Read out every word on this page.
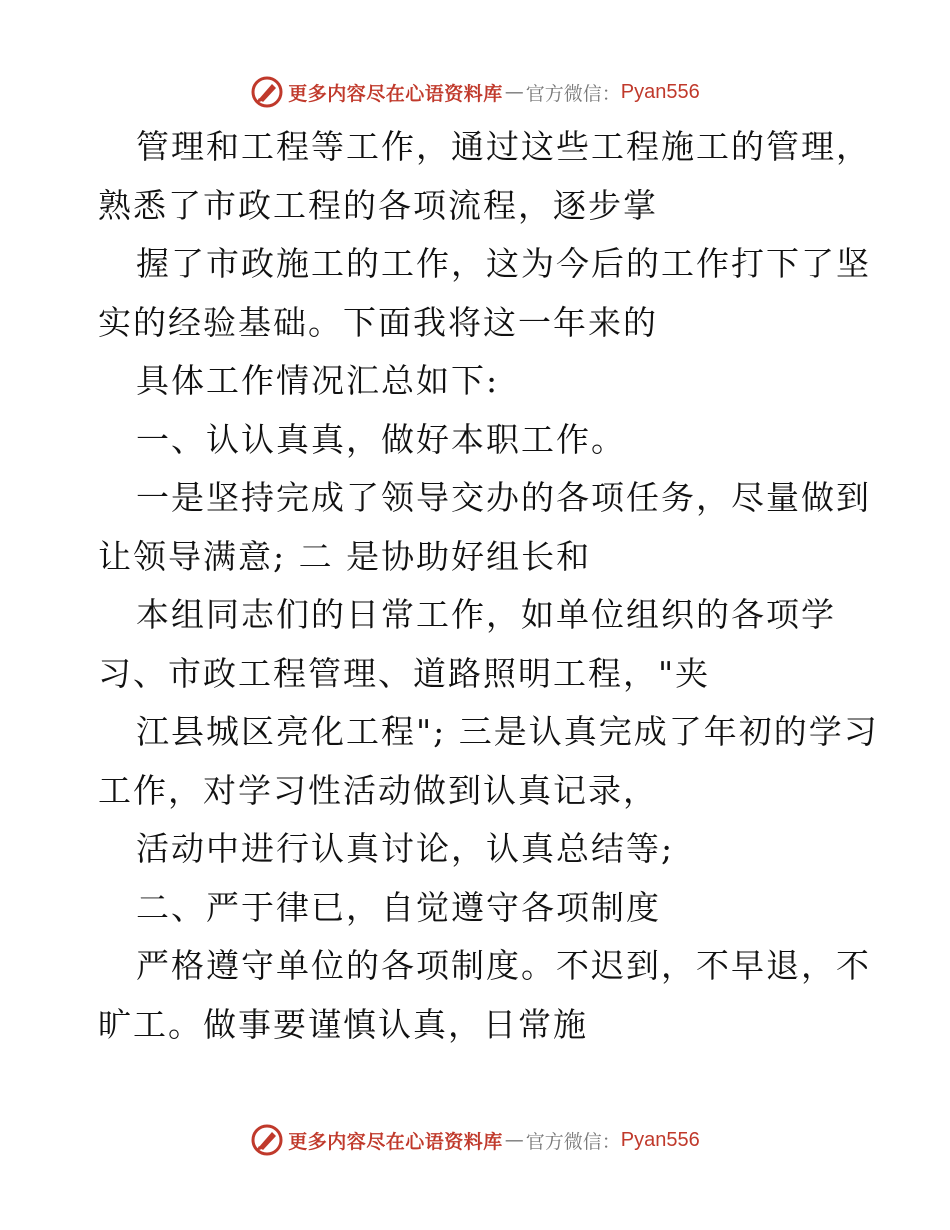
更多内容尽在心语资料库 — 官方微信： Pyan556
管理和工程等工作，通过这些工程施工的管理，
熟悉了市政工程的各项流程，逐步掌
握了市政施工的工作，这为今后的工作打下了坚
实的经验基础。下面我将这一年来的
具体工作情况汇总如下:
一、认认真真，做好本职工作。
一是坚持完成了领导交办的各项任务，尽量做到
让领导满意; 二 是协助好组长和
本组同志们的日常工作，如单位组织的各项学
习、市政工程管理、道路照明工程，"夹
江县城区亮化工程"; 三是认真完成了年初的学习
工作，对学习性活动做到认真记录，
活动中进行认真讨论，认真总结等;
二、严于律已，自觉遵守各项制度
严格遵守单位的各项制度。不迟到，不早退，不
旷工。做事要谨慎认真，日常施
更多内容尽在心语资料库 — 官方微信： Pyan556
